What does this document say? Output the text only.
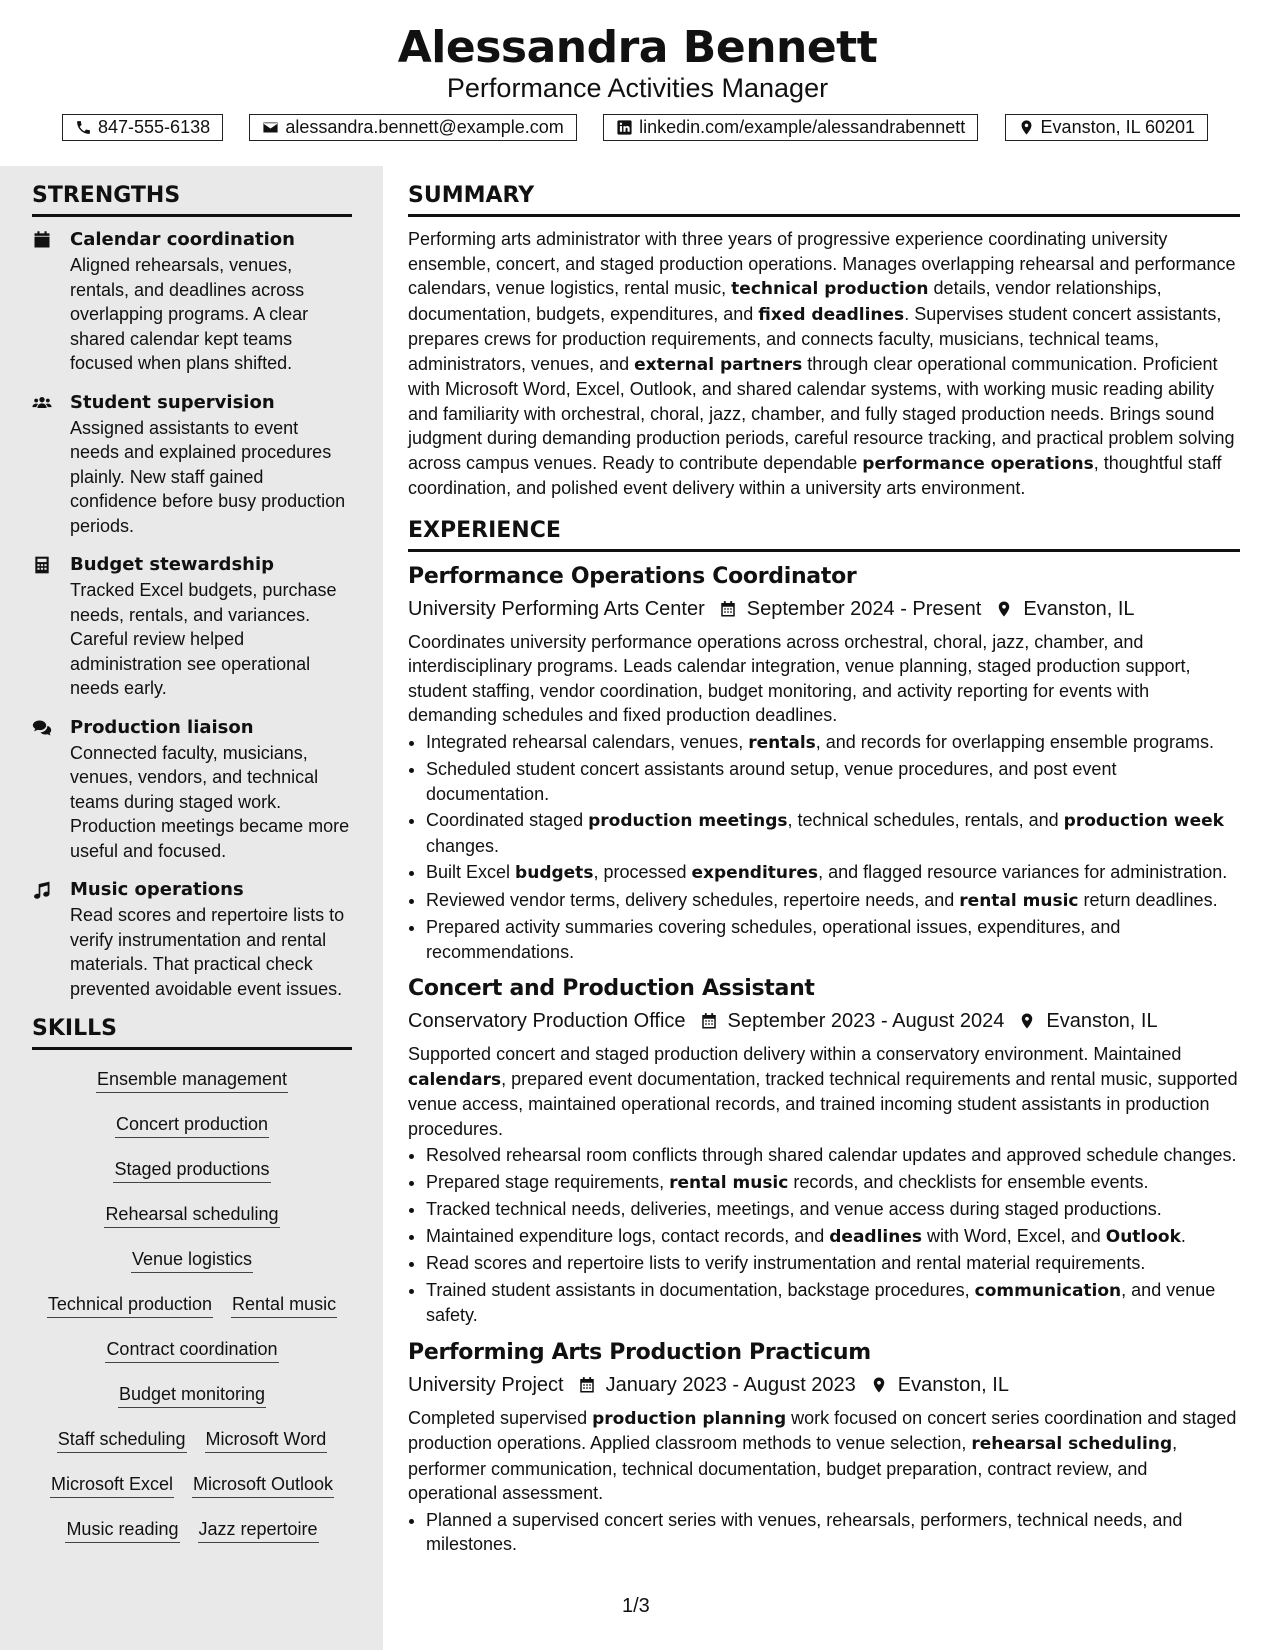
Alessandra Bennett
Performance Activities Manager
847-555-6138	alessandra.bennett@example.com	linkedin.com/example/alessandrabennett	Evanston, IL 60201
STRENGTHS
Calendar coordination
Aligned rehearsals, venues, rentals, and deadlines across overlapping programs. A clear shared calendar kept teams focused when plans shifted.
Student supervision
Assigned assistants to event needs and explained procedures plainly. New staff gained confidence before busy production periods.
Budget stewardship
Tracked Excel budgets, purchase needs, rentals, and variances. Careful review helped administration see operational needs early.
Production liaison
Connected faculty, musicians, venues, vendors, and technical teams during staged work. Production meetings became more useful and focused.
Music operations
Read scores and repertoire lists to verify instrumentation and rental materials. That practical check prevented avoidable event issues.
SKILLS
Ensemble management
Concert production
Staged productions
Rehearsal scheduling
Venue logistics
Technical production Rental music
Contract coordination
Budget monitoring
Staff scheduling Microsoft Word
Microsoft Excel Microsoft Outlook
Music reading Jazz repertoire
SUMMARY

Performing arts administrator with three years of progressive experience coordinating university ensemble, concert, and staged production operations. Manages overlapping rehearsal and performance calendars, venue logistics, rental music, technical production details, vendor relationships, documentation, budgets, expenditures, and fixed deadlines. Supervises student concert assistants, prepares crews for production requirements, and connects faculty, musicians, technical teams, administrators, venues, and external partners through clear operational communication. Proficient with Microsoft Word, Excel, Outlook, and shared calendar systems, with working music reading ability and familiarity with orchestral, choral, jazz, chamber, and fully staged production needs. Brings sound judgment during demanding production periods, careful resource tracking, and practical problem solving across campus venues. Ready to contribute dependable performance operations, thoughtful staff coordination, and polished event delivery within a university arts environment.

EXPERIENCE
Performance Operations Coordinator
University Performing Arts Center September 2024 - Present Evanston, IL
Coordinates university performance operations across orchestral, choral, jazz, chamber, and interdisciplinary programs. Leads calendar integration, venue planning, staged production support, student staffing, vendor coordination, budget monitoring, and activity reporting for events with demanding schedules and fixed production deadlines.
• Integrated rehearsal calendars, venues, rentals, and records for overlapping ensemble programs.
• Scheduled student concert assistants around setup, venue procedures, and post event documentation.
• Coordinated staged production meetings, technical schedules, rentals, and production week changes.
• Built Excel budgets, processed expenditures, and flagged resource variances for administration.
• Reviewed vendor terms, delivery schedules, repertoire needs, and rental music return deadlines.
• Prepared activity summaries covering schedules, operational issues, expenditures, and recommendations.
Concert and Production Assistant
Conservatory Production Office September 2023 - August 2024 Evanston, IL
Supported concert and staged production delivery within a conservatory environment. Maintained calendars, prepared event documentation, tracked technical requirements and rental music, supported venue access, maintained operational records, and trained incoming student assistants in production procedures.
• Resolved rehearsal room conflicts through shared calendar updates and approved schedule changes.
• Prepared stage requirements, rental music records, and checklists for ensemble events.
• Tracked technical needs, deliveries, meetings, and venue access during staged productions.
• Maintained expenditure logs, contact records, and deadlines with Word, Excel, and Outlook.
• Read scores and repertoire lists to verify instrumentation and rental material requirements.
• Trained student assistants in documentation, backstage procedures, communication, and venue safety.
Performing Arts Production Practicum
University Project January 2023 - August 2023 Evanston, IL
Completed supervised production planning work focused on concert series coordination and staged production operations. Applied classroom methods to venue selection, rehearsal scheduling, performer communication, technical documentation, budget preparation, contract review, and operational assessment.
• Planned a supervised concert series with venues, rehearsals, performers, technical needs, and milestones.
1/3
